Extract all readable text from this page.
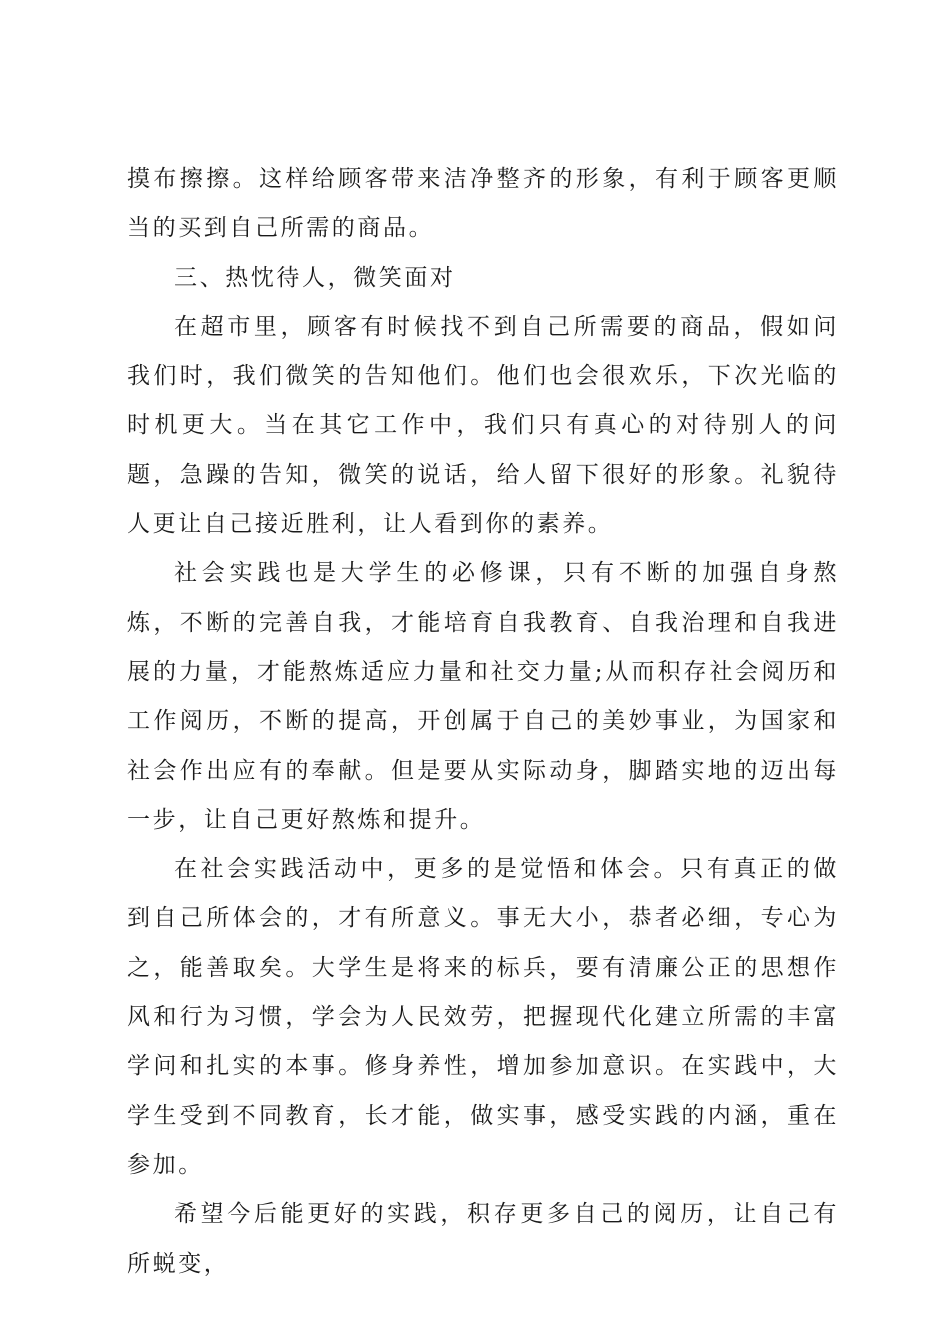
摸布擦擦。这样给顾客带来洁净整齐的形象，有利于顾客更顺当的买到自己所需的商品。

三、热忱待人，微笑面对

在超市里，顾客有时候找不到自己所需要的商品，假如问我们时，我们微笑的告知他们。他们也会很欢乐，下次光临的时机更大。当在其它工作中，我们只有真心的对待别人的问题，急躁的告知，微笑的说话，给人留下很好的形象。礼貌待人更让自己接近胜利，让人看到你的素养。

社会实践也是大学生的必修课，只有不断的加强自身熬炼，不断的完善自我，才能培育自我教育、自我治理和自我进展的力量，才能熬炼适应力量和社交力量;从而积存社会阅历和工作阅历，不断的提高，开创属于自己的美妙事业，为国家和社会作出应有的奉献。但是要从实际动身，脚踏实地的迈出每一步，让自己更好熬炼和提升。

在社会实践活动中，更多的是觉悟和体会。只有真正的做到自己所体会的，才有所意义。事无大小，恭者必细，专心为之，能善取矣。大学生是将来的标兵，要有清廉公正的思想作风和行为习惯，学会为人民效劳，把握现代化建立所需的丰富学问和扎实的本事。修身养性，增加参加意识。在实践中，大学生受到不同教育，长才能，做实事，感受实践的内涵，重在参加。

希望今后能更好的实践，积存更多自己的阅历，让自己有所蜕变，
